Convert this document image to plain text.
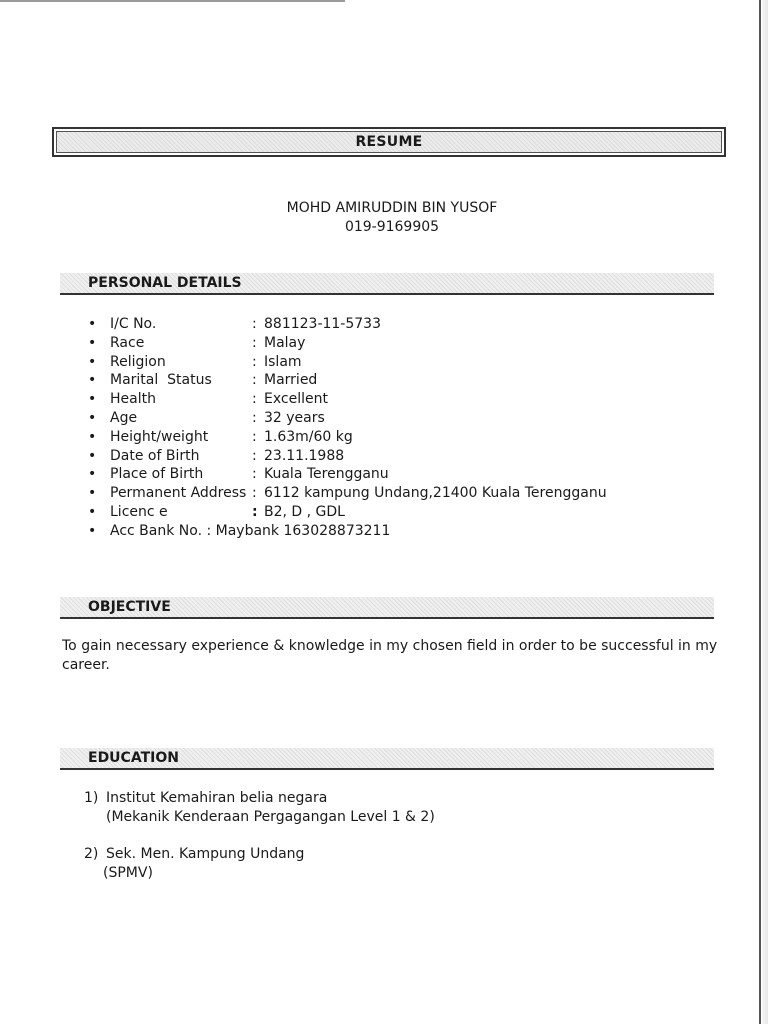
RESUME
MOHD AMIRUDDIN BIN YUSOF
019-9169905
PERSONAL DETAILS
• I/C No.	: 881123-11-5733
• Race	: Malay
• Religion	: Islam
• Marital  Status	: Married
• Health	: Excellent
• Age	: 32 years
• Height/weight	: 1.63m/60 kg
• Date of Birth	: 23.11.1988
• Place of Birth	: Kuala Terengganu
• Permanent Address : 6112 kampung Undang,21400 Kuala Terengganu
• Licenc e	: B2, D , GDL
• Acc Bank No. : Maybank 163028873211
OBJECTIVE

To gain necessary experience & knowledge in my chosen field in order to be successful in my career.

EDUCATION
1) Institut Kemahiran belia negara
(Mekanik Kenderaan Pergagangan Level 1 & 2)
2) Sek. Men. Kampung Undang
(SPMV)
